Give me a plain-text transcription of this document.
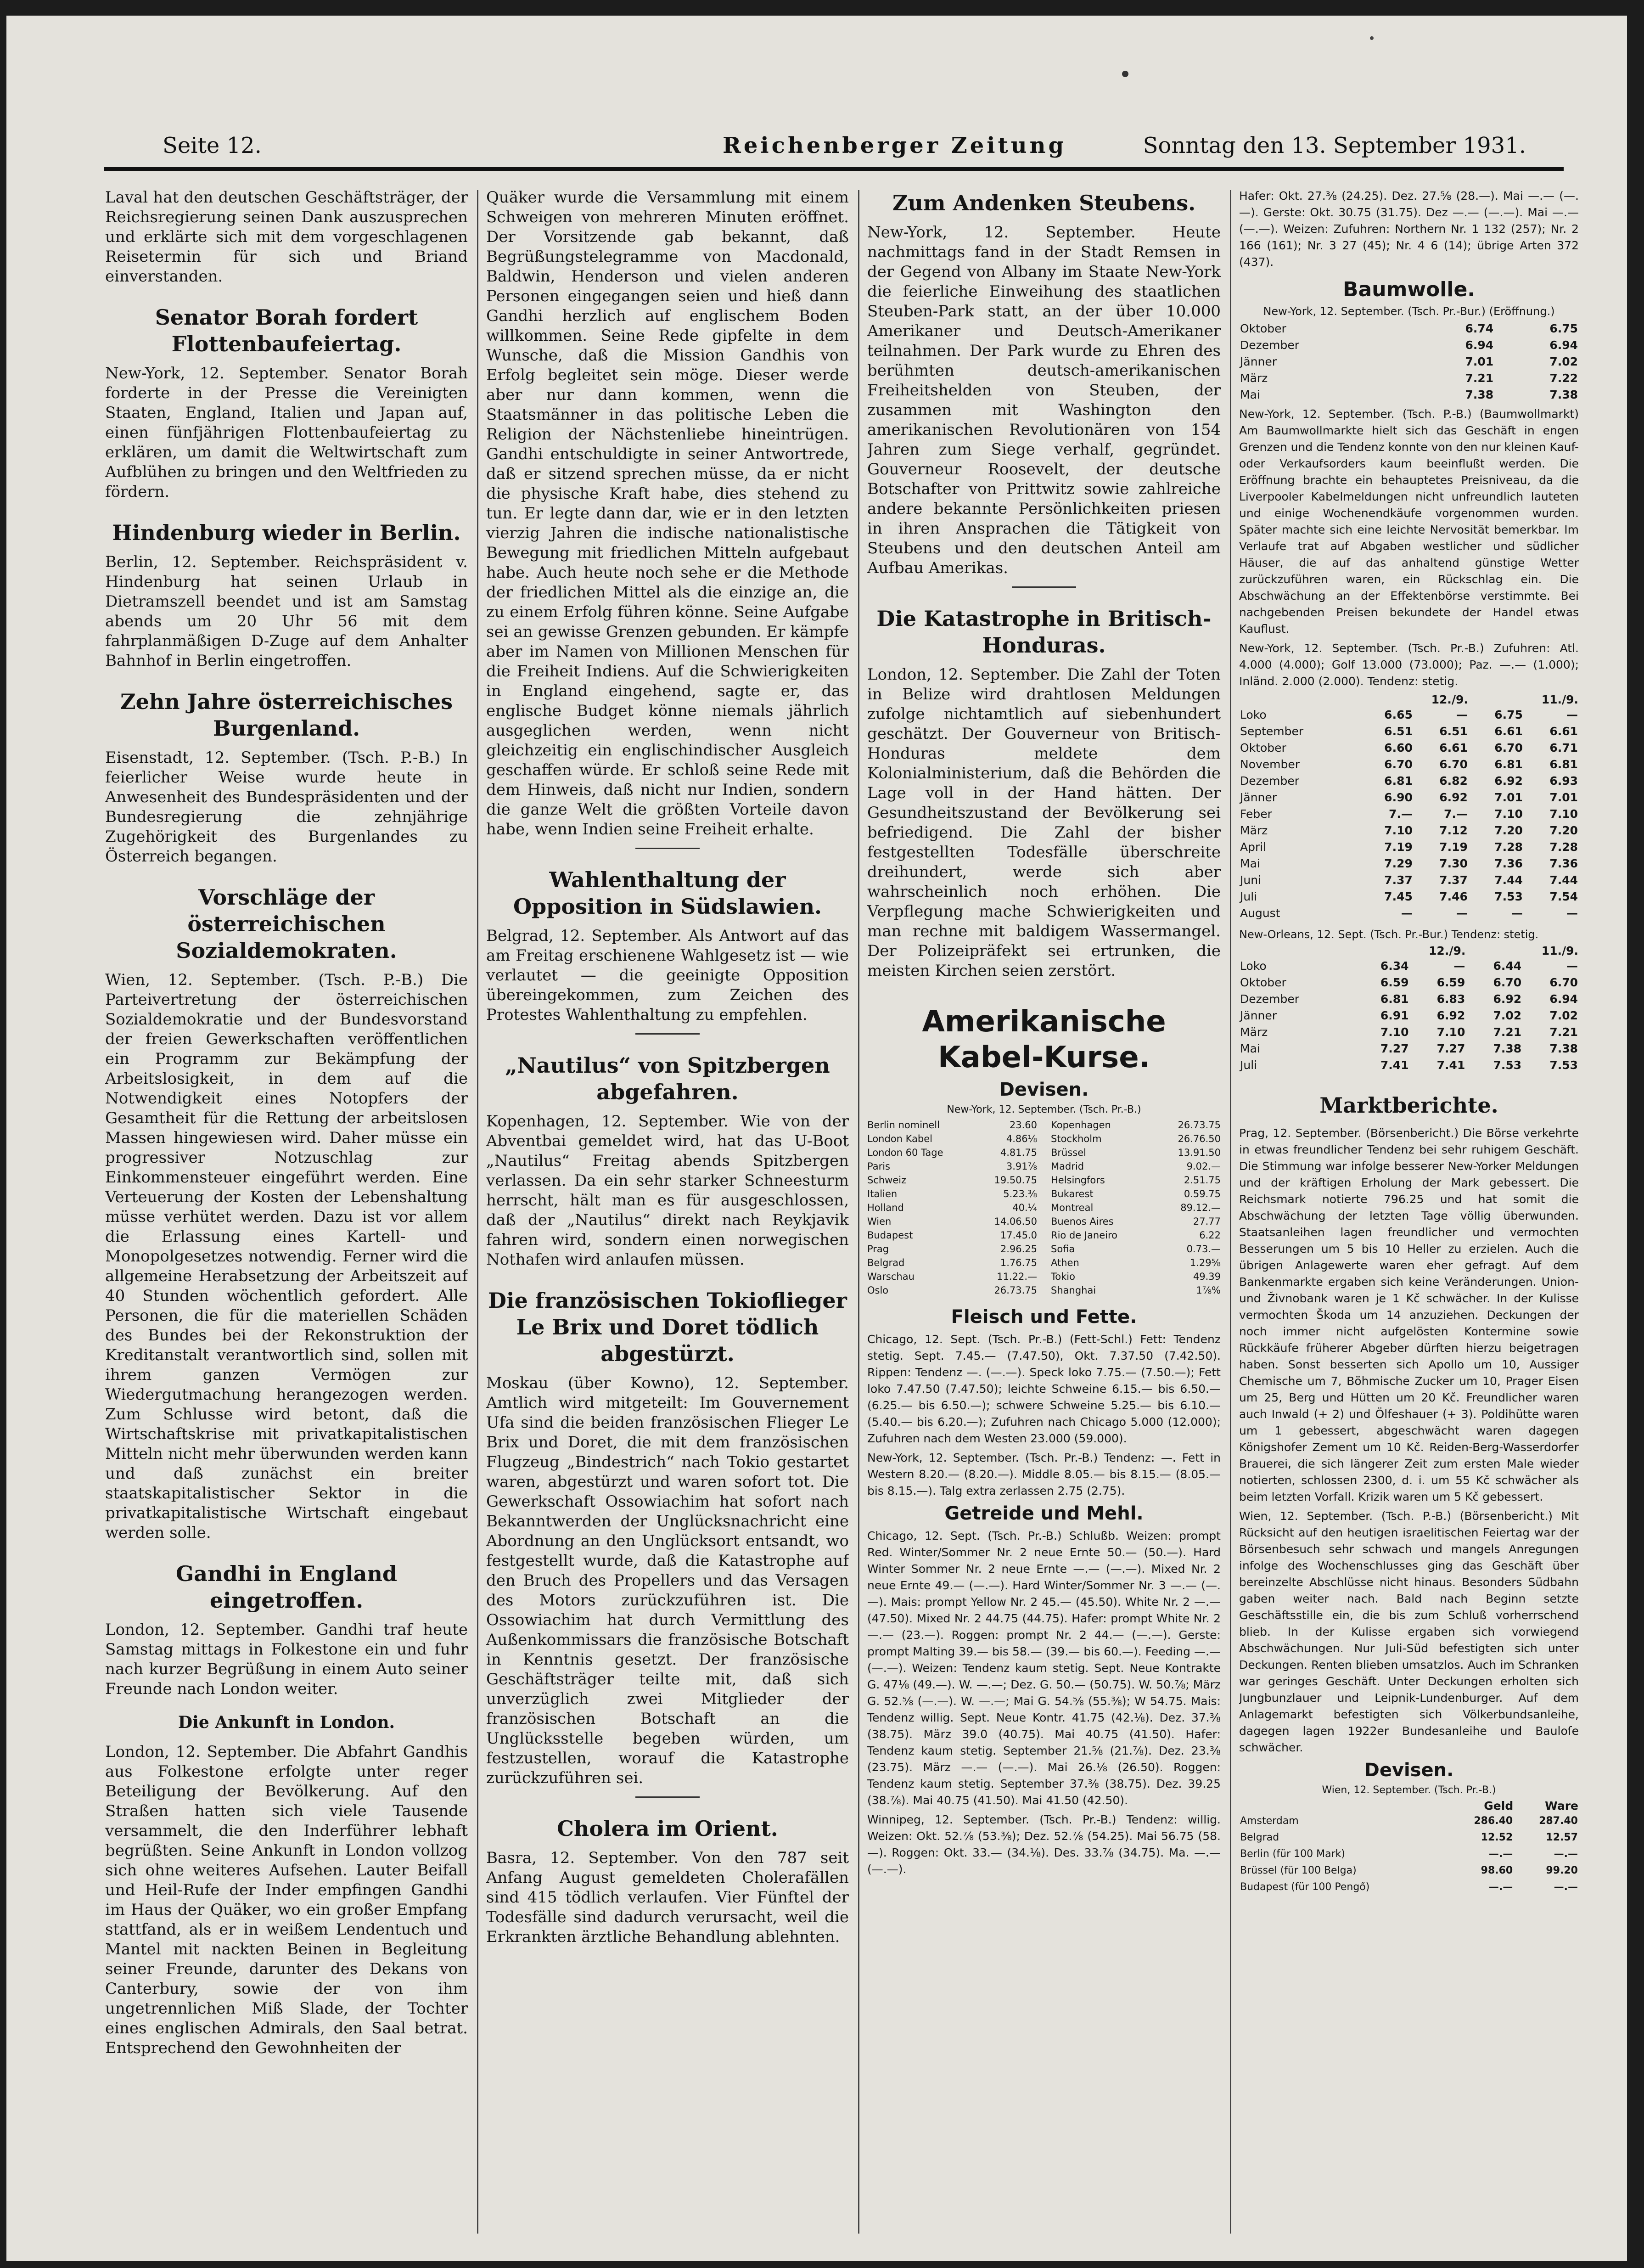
Seite 12.	Reichenberger Zeitung	Sonntag den 13. September 1931.

Laval hat den deutschen Geschäftsträger, der Reichsregierung seinen Dank auszusprechen und erklärte sich mit dem vorgeschlagenen Reisetermin für sich und Briand einverstanden.

Senator Borah fordert Flottenbaufeiertag.

New-York, 12. September. Senator Borah forderte in der Presse die Vereinigten Staaten, England, Italien und Japan auf, einen fünfjährigen Flottenbaufeiertag zu erklären, um damit die Weltwirtschaft zum Aufblühen zu bringen und den Weltfrieden zu fördern.

Hindenburg wieder in Berlin.

Berlin, 12. September. Reichspräsident v. Hindenburg hat seinen Urlaub in Dietramszell beendet und ist am Samstag abends um 20 Uhr 56 mit dem fahrplanmäßigen D-Zuge auf dem Anhalter Bahnhof in Berlin eingetroffen.

Zehn Jahre österreichisches Burgenland.

Eisenstadt, 12. September. (Tsch. P.-B.) In feierlicher Weise wurde heute in Anwesenheit des Bundespräsidenten und der Bundesregierung die zehnjährige Zugehörigkeit des Burgenlandes zu Österreich begangen.

Vorschläge der österreichischen Sozialdemokraten.

Wien, 12. September. (Tsch. P.-B.) Die Parteivertretung der österreichischen Sozialdemokratie und der Bundesvorstand der freien Gewerkschaften veröffentlichen ein Programm zur Bekämpfung der Arbeitslosigkeit, in dem auf die Notwendigkeit eines Notopfers der Gesamtheit für die Rettung der arbeitslosen Massen hingewiesen wird. Daher müsse ein progressiver Notzuschlag zur Einkommensteuer eingeführt werden. Eine Verteuerung der Kosten der Lebenshaltung müsse verhütet werden. Dazu ist vor allem die Erlassung eines Kartell- und Monopolgesetzes notwendig. Ferner wird die allgemeine Herabsetzung der Arbeitszeit auf 40 Stunden wöchentlich gefordert. Alle Personen, die für die materiellen Schäden des Bundes bei der Rekonstruktion der Kreditanstalt verantwortlich sind, sollen mit ihrem ganzen Vermögen zur Wiedergutmachung herangezogen werden. Zum Schlusse wird betont, daß die Wirtschaftskrise mit privatkapitalistischen Mitteln nicht mehr überwunden werden kann und daß zunächst ein breiter staatskapitalistischer Sektor in die privatkapitalistische Wirtschaft eingebaut werden solle.

Gandhi in England eingetroffen.

London, 12. September. Gandhi traf heute Samstag mittags in Folkestone ein und fuhr nach kurzer Begrüßung in einem Auto seiner Freunde nach London weiter.

Die Ankunft in London.

London, 12. September. Die Abfahrt Gandhis aus Folkestone erfolgte unter reger Beteiligung der Bevölkerung. Auf den Straßen hatten sich viele Tausende versammelt, die den Inderführer lebhaft begrüßten. Seine Ankunft in London vollzog sich ohne weiteres Aufsehen. Lauter Beifall und Heil-Rufe der Inder empfingen Gandhi im Haus der Quäker, wo ein großer Empfang stattfand, als er in weißem Lendentuch und Mantel mit nackten Beinen in Begleitung seiner Freunde, darunter des Dekans von Canterbury, sowie der von ihm ungetrennlichen Miß Slade, der Tochter eines englischen Admirals, den Saal betrat. Entsprechend den Gewohnheiten der

Quäker wurde die Versammlung mit einem Schweigen von mehreren Minuten eröffnet. Der Vorsitzende gab bekannt, daß Begrüßungstelegramme von Macdonald, Baldwin, Henderson und vielen anderen Personen eingegangen seien und hieß dann Gandhi herzlich auf englischem Boden willkommen. Seine Rede gipfelte in dem Wunsche, daß die Mission Gandhis von Erfolg begleitet sein möge. Dieser werde aber nur dann kommen, wenn die Staatsmänner in das politische Leben die Religion der Nächstenliebe hineintrügen. Gandhi entschuldigte in seiner Antwortrede, daß er sitzend sprechen müsse, da er nicht die physische Kraft habe, dies stehend zu tun. Er legte dann dar, wie er in den letzten vierzig Jahren die indische nationalistische Bewegung mit friedlichen Mitteln aufgebaut habe. Auch heute noch sehe er die Methode der friedlichen Mittel als die einzige an, die zu einem Erfolg führen könne. Seine Aufgabe sei an gewisse Grenzen gebunden. Er kämpfe aber im Namen von Millionen Menschen für die Freiheit Indiens. Auf die Schwierigkeiten in England eingehend, sagte er, das englische Budget könne niemals jährlich ausgeglichen werden, wenn nicht gleichzeitig ein englischindischer Ausgleich geschaffen würde. Er schloß seine Rede mit dem Hinweis, daß nicht nur Indien, sondern die ganze Welt die größten Vorteile davon habe, wenn Indien seine Freiheit erhalte.

Wahlenthaltung der Opposition in Südslawien.

Belgrad, 12. September. Als Antwort auf das am Freitag erschienene Wahlgesetz ist — wie verlautet — die geeinigte Opposition übereingekommen, zum Zeichen des Protestes Wahlenthaltung zu empfehlen.

„Nautilus“ von Spitzbergen abgefahren.

Kopenhagen, 12. September. Wie von der Abventbai gemeldet wird, hat das U-Boot „Nautilus“ Freitag abends Spitzbergen verlassen. Da ein sehr starker Schneesturm herrscht, hält man es für ausgeschlossen, daß der „Nautilus“ direkt nach Reykjavik fahren wird, sondern einen norwegischen Nothafen wird anlaufen müssen.

Die französischen Tokioflieger Le Brix und Doret tödlich abgestürzt.

Moskau (über Kowno), 12. September. Amtlich wird mitgeteilt: Im Gouvernement Ufa sind die beiden französischen Flieger Le Brix und Doret, die mit dem französischen Flugzeug „Bindestrich“ nach Tokio gestartet waren, abgestürzt und waren sofort tot. Die Gewerkschaft Ossowiachim hat sofort nach Bekanntwerden der Unglücksnachricht eine Abordnung an den Unglücksort entsandt, wo festgestellt wurde, daß die Katastrophe auf den Bruch des Propellers und das Versagen des Motors zurückzuführen ist. Die Ossowiachim hat durch Vermittlung des Außenkommissars die französische Botschaft in Kenntnis gesetzt. Der französische Geschäftsträger teilte mit, daß sich unverzüglich zwei Mitglieder der französischen Botschaft an die Unglücksstelle begeben würden, um festzustellen, worauf die Katastrophe zurückzuführen sei.

Cholera im Orient.

Basra, 12. September. Von den 787 seit Anfang August gemeldeten Cholerafällen sind 415 tödlich verlaufen. Vier Fünftel der Todesfälle sind dadurch verursacht, weil die Erkrankten ärztliche Behandlung ablehnten.

Zum Andenken Steubens.

New-York, 12. September. Heute nachmittags fand in der Stadt Remsen in der Gegend von Albany im Staate New-York die feierliche Einweihung des staatlichen Steuben-Park statt, an der über 10.000 Amerikaner und Deutsch-Amerikaner teilnahmen. Der Park wurde zu Ehren des berühmten deutsch-amerikanischen Freiheitshelden von Steuben, der zusammen mit Washington den amerikanischen Revolutionären von 154 Jahren zum Siege verhalf, gegründet. Gouverneur Roosevelt, der deutsche Botschafter von Prittwitz sowie zahlreiche andere bekannte Persönlichkeiten priesen in ihren Ansprachen die Tätigkeit von Steubens und den deutschen Anteil am Aufbau Amerikas.

Die Katastrophe in Britisch-Honduras.

London, 12. September. Die Zahl der Toten in Belize wird drahtlosen Meldungen zufolge nichtamtlich auf siebenhundert geschätzt. Der Gouverneur von Britisch-Honduras meldete dem Kolonialministerium, daß die Behörden die Lage voll in der Hand hätten. Der Gesundheitszustand der Bevölkerung sei befriedigend. Die Zahl der bisher festgestellten Todesfälle überschreite dreihundert, werde sich aber wahrscheinlich noch erhöhen. Die Verpflegung mache Schwierigkeiten und man rechne mit baldigem Wassermangel. Der Polizeipräfekt sei ertrunken, die meisten Kirchen seien zerstört.

Amerikanische Kabel-Kurse.
Devisen.
New-York, 12. September. (Tsch. Pr.-B.)
Berlin nominell	23.60
London Kabel	4.86⅛
London 60 Tage	4.81.75
Paris	3.91⅞
Schweiz	19.50.75
Italien	5.23.⅜
Holland	40.¼
Wien	14.06.50
Budapest	17.45.0
Prag	2.96.25
Belgrad	1.76.75
Warschau	11.22.—
Oslo	26.73.75
Kopenhagen	26.73.75
Stockholm	26.76.50
Brüssel	13.91.50
Madrid	9.02.—
Helsingfors	2.51.75
Bukarest	0.59.75
Montreal	89.12.—
Buenos Aires	27.77
Rio de Janeiro	6.22
Sofia	0.73.—
Athen	1.29⅝
Tokio	49.39
Shanghai	1⅞%
Fleisch und Fette.

Chicago, 12. Sept. (Tsch. Pr.-B.) (Fett-Schl.) Fett: Tendenz stetig. Sept. 7.45.— (7.47.50), Okt. 7.37.50 (7.42.50). Rippen: Tendenz —. (—.—). Speck loko 7.75.— (7.50.—); Fett loko 7.47.50 (7.47.50); leichte Schweine 6.15.— bis 6.50.— (6.25.— bis 6.50.—); schwere Schweine 5.25.— bis 6.10.— (5.40.— bis 6.20.—); Zufuhren nach Chicago 5.000 (12.000); Zufuhren nach dem Westen 23.000 (59.000).

New-York, 12. September. (Tsch. Pr.-B.) Tendenz: —. Fett in Western 8.20.— (8.20.—). Middle 8.05.— bis 8.15.— (8.05.— bis 8.15.—). Talg extra zerlassen 2.75 (2.75).

Getreide und Mehl.

Chicago, 12. Sept. (Tsch. Pr.-B.) Schlußb. Weizen: prompt Red. Winter/Sommer Nr. 2 neue Ernte 50.— (50.—). Hard Winter Sommer Nr. 2 neue Ernte —.— (—.—). Mixed Nr. 2 neue Ernte 49.— (—.—). Hard Winter/Sommer Nr. 3 —.— (—.—). Mais: prompt Yellow Nr. 2 45.— (45.50). White Nr. 2 —.— (47.50). Mixed Nr. 2 44.75 (44.75). Hafer: prompt White Nr. 2 —.— (23.—). Roggen: prompt Nr. 2 44.— (—.—). Gerste: prompt Malting 39.— bis 58.— (39.— bis 60.—). Feeding —.— (—.—). Weizen: Tendenz kaum stetig. Sept. Neue Kontrakte G. 47⅛ (49.—). W. —.—; Dez. G. 50.— (50.75). W. 50.⅞; März G. 52.⅝ (—.—). W. —.—; Mai G. 54.⅝ (55.⅜); W 54.75. Mais: Tendenz willig. Sept. Neue Kontr. 41.75 (42.⅛). Dez. 37.⅜ (38.75). März 39.0 (40.75). Mai 40.75 (41.50). Hafer: Tendenz kaum stetig. September 21.⅝ (21.⅞). Dez. 23.⅜ (23.75). März —.— (—.—). Mai 26.⅛ (26.50). Roggen: Tendenz kaum stetig. September 37.⅜ (38.75). Dez. 39.25 (38.⅞). Mai 40.75 (41.50). Mai 41.50 (42.50).

Winnipeg, 12. September. (Tsch. Pr.-B.) Tendenz: willig. Weizen: Okt. 52.⅞ (53.⅜); Dez. 52.⅞ (54.25). Mai 56.75 (58.—). Roggen: Okt. 33.— (34.⅛). Des. 33.⅞ (34.75). Ma. —.— (—.—).

Hafer: Okt. 27.⅜ (24.25). Dez. 27.⅝ (28.—). Mai —.— (—.—). Gerste: Okt. 30.75 (31.75). Dez —.— (—.—). Mai —.— (—.—). Weizen: Zufuhren: Northern Nr. 1 132 (257); Nr. 2 166 (161); Nr. 3 27 (45); Nr. 4 6 (14); übrige Arten 372 (437).

Baumwolle.
New-York, 12. September. (Tsch. Pr.-Bur.) (Eröffnung.)
Oktober	6.74	6.75
Dezember	6.94	6.94
Jänner	7.01	7.02
März	7.21	7.22
Mai	7.38	7.38

New-York, 12. September. (Tsch. P.-B.) (Baumwollmarkt) Am Baumwollmarkte hielt sich das Geschäft in engen Grenzen und die Tendenz konnte von den nur kleinen Kauf- oder Verkaufsorders kaum beeinflußt werden. Die Eröffnung brachte ein behauptetes Preisniveau, da die Liverpooler Kabelmeldungen nicht unfreundlich lauteten und einige Wochenendkäufe vorgenommen wurden. Später machte sich eine leichte Nervosität bemerkbar. Im Verlaufe trat auf Abgaben westlicher und südlicher Häuser, die auf das anhaltend günstige Wetter zurückzuführen waren, ein Rückschlag ein. Die Abschwächung an der Effektenbörse verstimmte. Bei nachgebenden Preisen bekundete der Handel etwas Kauflust.

New-York, 12. September. (Tsch. Pr.-B.) Zufuhren: Atl. 4.000 (4.000); Golf 13.000 (73.000); Paz. —.— (1.000); Inländ. 2.000 (2.000). Tendenz: stetig.

	12./9.		11./9.	
Loko	6.65	—	6.75	—
September	6.51	6.51	6.61	6.61
Oktober	6.60	6.61	6.70	6.71
November	6.70	6.70	6.81	6.81
Dezember	6.81	6.82	6.92	6.93
Jänner	6.90	6.92	7.01	7.01
Feber	7.—	7.—	7.10	7.10
März	7.10	7.12	7.20	7.20
April	7.19	7.19	7.28	7.28
Mai	7.29	7.30	7.36	7.36
Juni	7.37	7.37	7.44	7.44
Juli	7.45	7.46	7.53	7.54
August	—	—	—	—
New-Orleans, 12. Sept. (Tsch. Pr.-Bur.) Tendenz: stetig.
	12./9.		11./9.	
Loko	6.34	—	6.44	—
Oktober	6.59	6.59	6.70	6.70
Dezember	6.81	6.83	6.92	6.94
Jänner	6.91	6.92	7.02	7.02
März	7.10	7.10	7.21	7.21
Mai	7.27	7.27	7.38	7.38
Juli	7.41	7.41	7.53	7.53
Marktberichte.

Prag, 12. September. (Börsenbericht.) Die Börse verkehrte in etwas freundlicher Tendenz bei sehr ruhigem Geschäft. Die Stimmung war infolge besserer New-Yorker Meldungen und der kräftigen Erholung der Mark gebessert. Die Reichsmark notierte 796.25 und hat somit die Abschwächung der letzten Tage völlig überwunden. Staatsanleihen lagen freundlicher und vermochten Besserungen um 5 bis 10 Heller zu erzielen. Auch die übrigen Anlagewerte waren eher gefragt. Auf dem Bankenmarkte ergaben sich keine Veränderungen. Union- und Živnobank waren je 1 Kč schwächer. In der Kulisse vermochten Škoda um 14 anzuziehen. Deckungen der noch immer nicht aufgelösten Kontermine sowie Rückkäufe früherer Abgeber dürften hierzu beigetragen haben. Sonst besserten sich Apollo um 10, Aussiger Chemische um 7, Böhmische Zucker um 10, Prager Eisen um 25, Berg und Hütten um 20 Kč. Freundlicher waren auch Inwald (+ 2) und Ölfeshauer (+ 3). Poldihütte waren um 1 gebessert, abgeschwächt waren dagegen Königshofer Zement um 10 Kč. Reiden-Berg-Wasserdorfer Brauerei, die sich längerer Zeit zum ersten Male wieder notierten, schlossen 2300, d. i. um 55 Kč schwächer als beim letzten Vorfall. Krizik waren um 5 Kč gebessert.

Wien, 12. September. (Tsch. P.-B.) (Börsenbericht.) Mit Rücksicht auf den heutigen israelitischen Feiertag war der Börsenbesuch sehr schwach und mangels Anregungen infolge des Wochenschlusses ging das Geschäft über bereinzelte Abschlüsse nicht hinaus. Besonders Südbahn gaben weiter nach. Bald nach Beginn setzte Geschäftsstille ein, die bis zum Schluß vorherrschend blieb. In der Kulisse ergaben sich vorwiegend Abschwächungen. Nur Juli-Süd befestigten sich unter Deckungen. Renten blieben umsatzlos. Auch im Schranken war geringes Geschäft. Unter Deckungen erholten sich Jungbunzlauer und Leipnik-Lundenburger. Auf dem Anlagemarkt befestigten sich Völkerbundsanleihe, dagegen lagen 1922er Bundesanleihe und Bauloſe schwächer.

Devisen.
Wien, 12. September. (Tsch. Pr.-B.)
	Geld	Ware
Amsterdam	286.40	287.40
Belgrad	12.52	12.57
Berlin (für 100 Mark)	—.—	—.—
Brüssel (für 100 Belga)	98.60	99.20
Budapest (für 100 Pengő)	—.—	—.—
